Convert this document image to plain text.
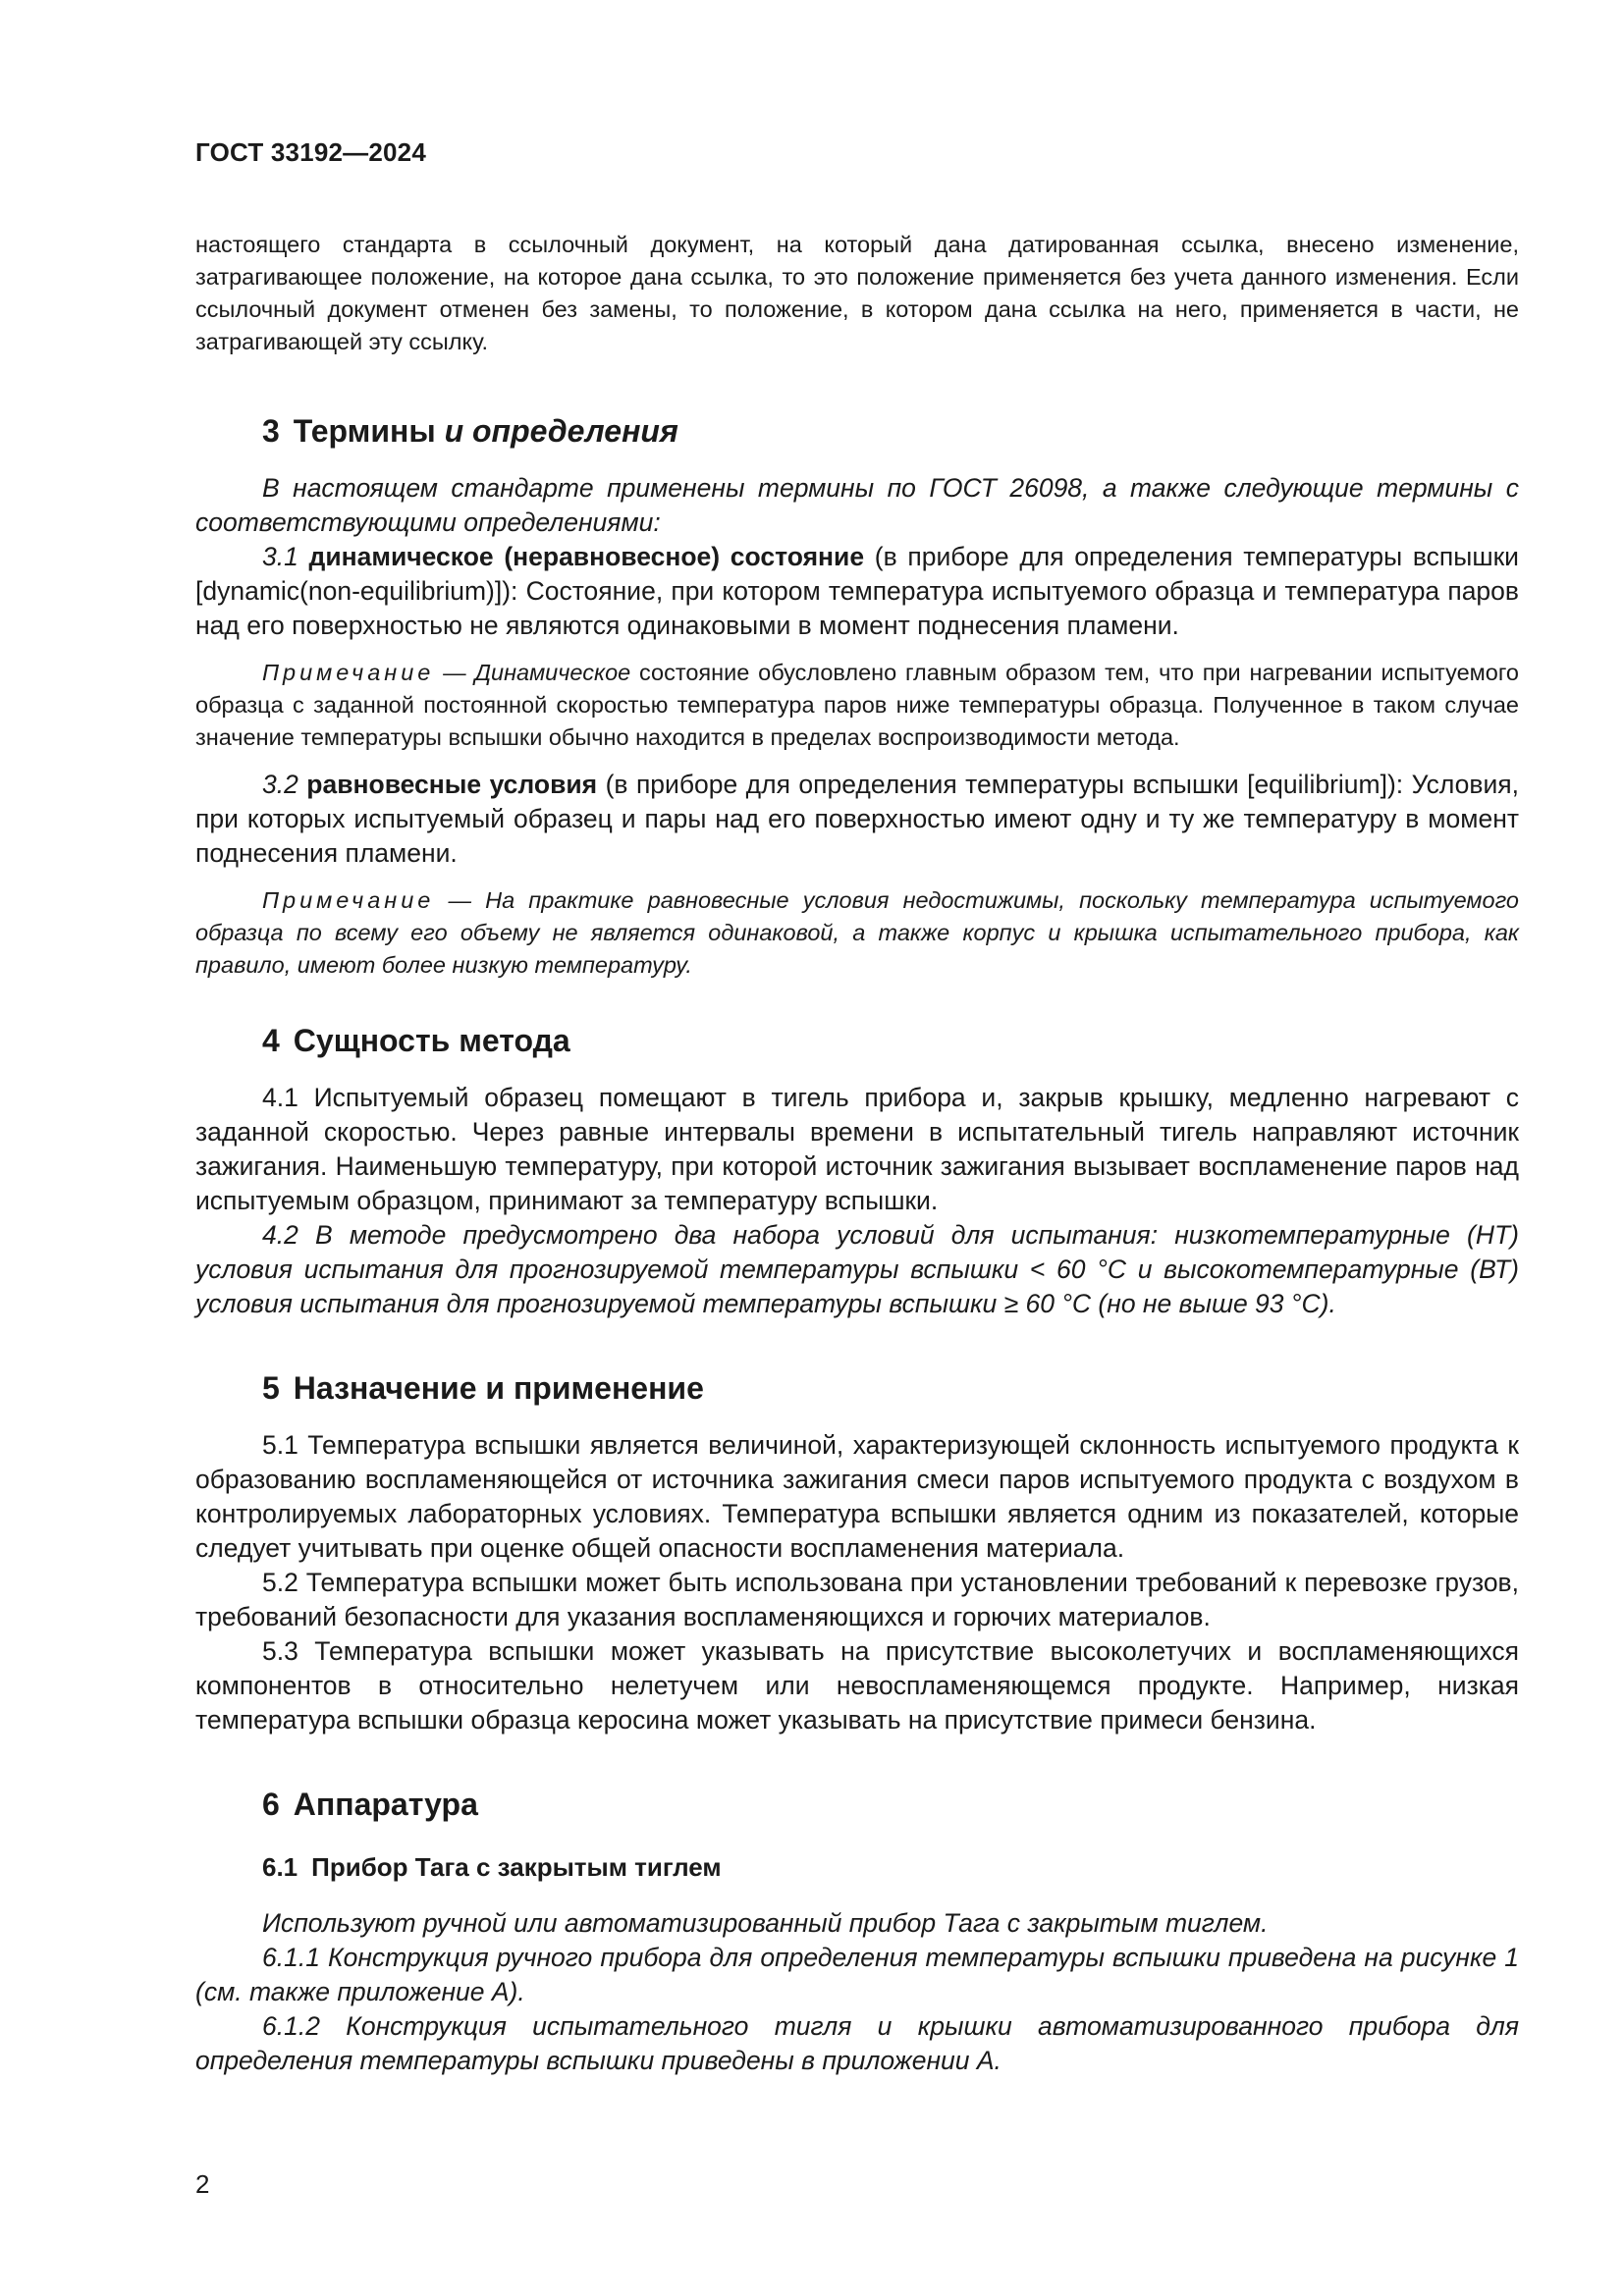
ГОСТ 33192—2024

настоящего стандарта в ссылочный документ, на который дана датированная ссылка, внесено изменение, затрагивающее положение, на которое дана ссылка, то это положение применяется без учета данного изменения. Если ссылочный документ отменен без замены, то положение, в котором дана ссылка на него, применяется в части, не затрагивающей эту ссылку.

3 Термины и определения

В настоящем стандарте применены термины по ГОСТ 26098, а также следующие термины с соответствующими определениями:

3.1 динамическое (неравновесное) состояние (в приборе для определения температуры вспышки [dynamic(non-equilibrium)]): Состояние, при котором температура испытуемого образца и температура паров над его поверхностью не являются одинаковыми в момент поднесения пламени.

Примечание — Динамическое состояние обусловлено главным образом тем, что при нагревании испытуемого образца с заданной постоянной скоростью температура паров ниже температуры образца. Полученное в таком случае значение температуры вспышки обычно находится в пределах воспроизводимости метода.

3.2 равновесные условия (в приборе для определения температуры вспышки [equilibrium]): Условия, при которых испытуемый образец и пары над его поверхностью имеют одну и ту же температуру в момент поднесения пламени.

Примечание — На практике равновесные условия недостижимы, поскольку температура испытуемого образца по всему его объему не является одинаковой, а также корпус и крышка испытательного прибора, как правило, имеют более низкую температуру.

4 Сущность метода

4.1 Испытуемый образец помещают в тигель прибора и, закрыв крышку, медленно нагревают с заданной скоростью. Через равные интервалы времени в испытательный тигель направляют источник зажигания. Наименьшую температуру, при которой источник зажигания вызывает воспламенение паров над испытуемым образцом, принимают за температуру вспышки.

4.2 В методе предусмотрено два набора условий для испытания: низкотемпературные (НТ) условия испытания для прогнозируемой температуры вспышки < 60 °C и высокотемпературные (ВТ) условия испытания для прогнозируемой температуры вспышки ≥ 60 °C (но не выше 93 °C).

5 Назначение и применение

5.1 Температура вспышки является величиной, характеризующей склонность испытуемого продукта к образованию воспламеняющейся от источника зажигания смеси паров испытуемого продукта с воздухом в контролируемых лабораторных условиях. Температура вспышки является одним из показателей, которые следует учитывать при оценке общей опасности воспламенения материала.

5.2 Температура вспышки может быть использована при установлении требований к перевозке грузов, требований безопасности для указания воспламеняющихся и горючих материалов.

5.3 Температура вспышки может указывать на присутствие высоколетучих и воспламеняющихся компонентов в относительно нелетучем или невоспламеняющемся продукте. Например, низкая температура вспышки образца керосина может указывать на присутствие примеси бензина.

6 Аппаратура
6.1 Прибор Тага с закрытым тиглем

Используют ручной или автоматизированный прибор Тага с закрытым тиглем.

6.1.1 Конструкция ручного прибора для определения температуры вспышки приведена на рисунке 1 (см. также приложение А).

6.1.2 Конструкция испытательного тигля и крышки автоматизированного прибора для определения температуры вспышки приведены в приложении А.

2
